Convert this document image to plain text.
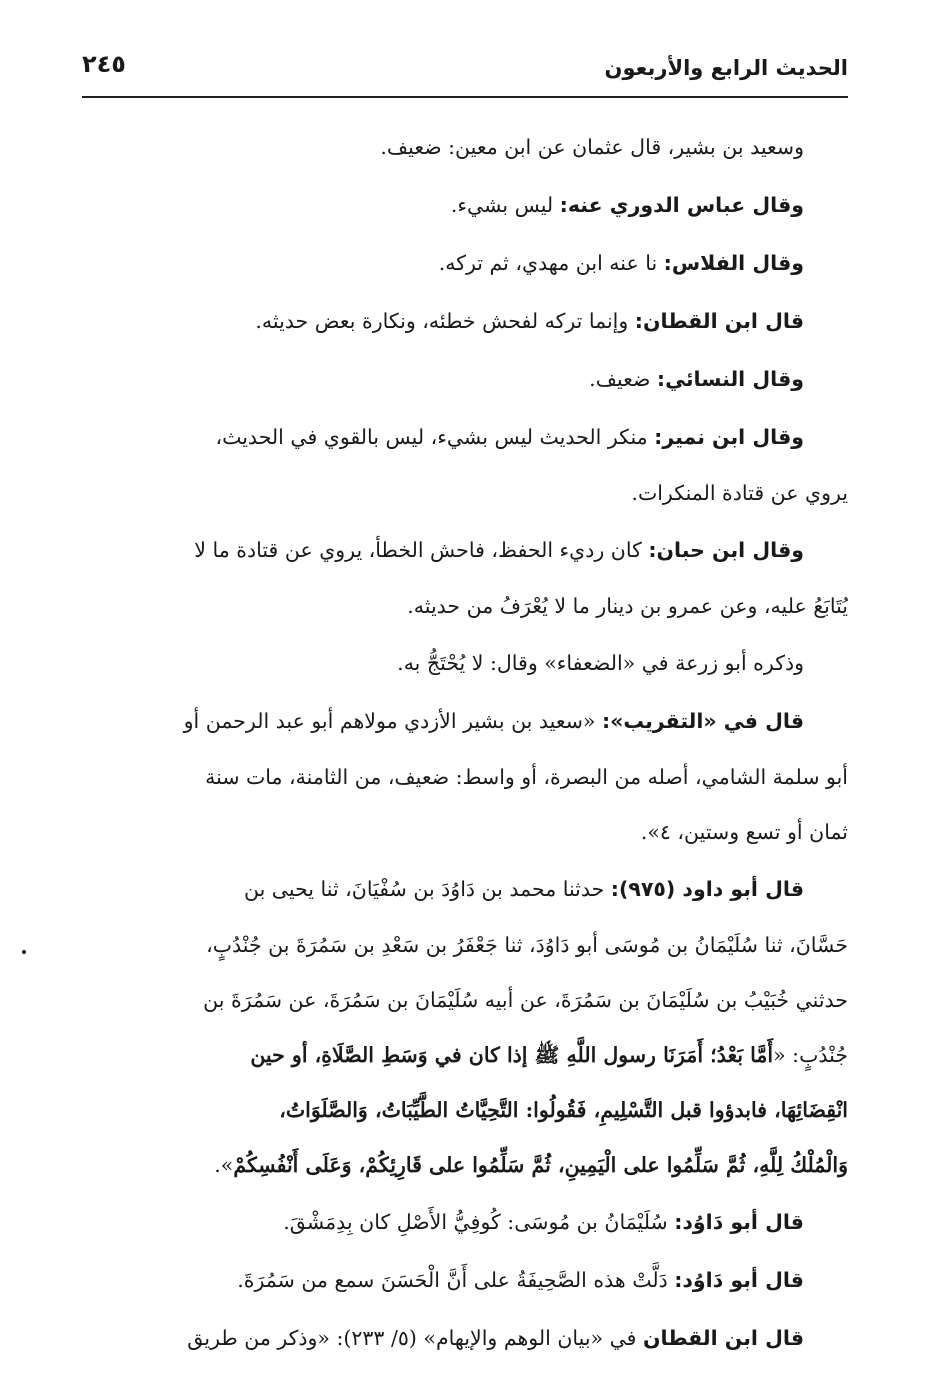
الحديث الرابع والأربعون
٢٤٥
وسعيد بن بشير، قال عثمان عن ابن معين: ضعيف.
وقال عباس الدوري عنه: ليس بشيء.
وقال الفلاس: نا عنه ابن مهدي، ثم تركه.
قال ابن القطان: وإنما تركه لفحش خطئه، ونكارة بعض حديثه.
وقال النسائي: ضعيف.
وقال ابن نمير: منكر الحديث ليس بشيء، ليس بالقوي في الحديث،
يروي عن قتادة المنكرات.
وقال ابن حبان: كان رديء الحفظ، فاحش الخطأ، يروي عن قتادة ما لا
يُتَابَعُ عليه، وعن عمرو بن دينار ما لا يُعْرَفُ من حديثه.
وذكره أبو زرعة في «الضعفاء» وقال: لا يُحْتَجُّ به.
قال في «التقريب»: «سعيد بن بشير الأزدي مولاهم أبو عبد الرحمن أو
أبو سلمة الشامي، أصله من البصرة، أو واسط: ضعيف، من الثامنة، مات سنة
ثمان أو تسع وستين، ٤».
قال أبو داود (٩٧٥): حدثنا محمد بن دَاوُدَ بن سُفْيَانَ، ثنا يحيى بن
حَسَّانَ، ثنا سُلَيْمَانُ بن مُوسَى أبو دَاوُدَ، ثنا جَعْفَرُ بن سَعْدِ بن سَمُرَةَ بن جُنْدُبٍ،
حدثني خُبَيْبُ بن سُلَيْمَانَ بن سَمُرَةَ، عن أبيه سُلَيْمَانَ بن سَمُرَةَ، عن سَمُرَةَ بن
جُنْدُبٍ: «أَمَّا بَعْدُ؛ أَمَرَنَا رسول اللَّهِ ﷺ إذا كان في وَسَطِ الصَّلَاةِ، أو حين
انْقِضَائِهَا، فابدؤوا قبل التَّسْلِيمِ، فَقُولُوا: التَّحِيَّاتُ الطَّيِّبَاتُ، وَالصَّلَوَاتُ،
وَالْمُلْكُ لِلَّهِ، ثُمَّ سَلِّمُوا على الْيَمِينِ، ثُمَّ سَلِّمُوا على قَارِئِكُمْ، وَعَلَى أَنْفُسِكُمْ».
قال أبو دَاوُد: سُلَيْمَانُ بن مُوسَى: كُوفِيُّ الأَصْلِ كان بِدِمَشْقَ.
قال أبو دَاوُد: دَلَّتْ هذه الصَّحِيفَةُ على أَنَّ الْحَسَنَ سمع من سَمُرَةَ.
قال ابن القطان في «بيان الوهم والإيهام» (٥/ ٢٣٣): «وذكر من طريق
